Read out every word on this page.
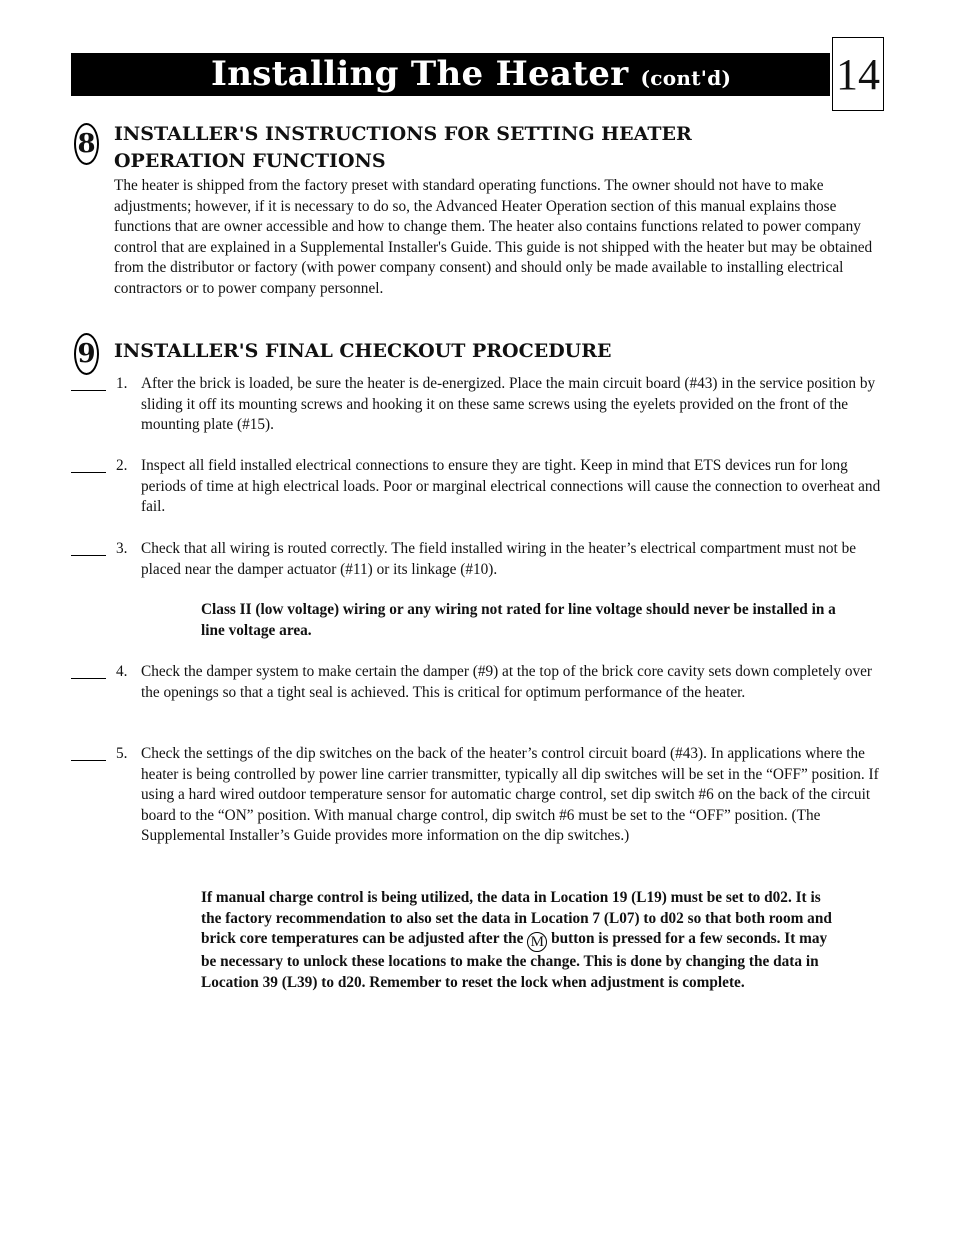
Installing The Heater (cont'd) 14
8 INSTALLER'S INSTRUCTIONS FOR SETTING HEATER
OPERATION FUNCTIONS
The heater is shipped from the factory preset with standard operating functions. The owner should not have to make adjustments; however, if it is necessary to do so, the Advanced Heater Operation section of this manual explains those functions that are owner accessible and how to change them. The heater also contains functions related to power company control that are explained in a Supplemental Installer's Guide. This guide is not shipped with the heater but may be obtained from the distributor or factory (with power company consent) and should only be made available to installing electrical contractors or to power company personnel.
9 INSTALLER'S FINAL CHECKOUT PROCEDURE
1. After the brick is loaded, be sure the heater is de-energized. Place the main circuit board (#43) in the service position by sliding it off its mounting screws and hooking it on these same screws using the eyelets provided on the front of the mounting plate (#15).
2. Inspect all field installed electrical connections to ensure they are tight. Keep in mind that ETS devices run for long periods of time at high electrical loads. Poor or marginal electrical connections will cause the connection to overheat and fail.
3. Check that all wiring is routed correctly. The field installed wiring in the heater’s electrical compartment must not be placed near the damper actuator (#11) or its linkage (#10).
Class II (low voltage) wiring or any wiring not rated for line voltage should never be installed in a line voltage area.
4. Check the damper system to make certain the damper (#9) at the top of the brick core cavity sets down completely over the openings so that a tight seal is achieved. This is critical for optimum performance of the heater.
5. Check the settings of the dip switches on the back of the heater’s control circuit board (#43). In applications where the heater is being controlled by power line carrier transmitter, typically all dip switches will be set in the “OFF” position. If using a hard wired outdoor temperature sensor for automatic charge control, set dip switch #6 on the back of the circuit board to the “ON” position. With manual charge control, dip switch #6 must be set to the “OFF” position. (The Supplemental Installer’s Guide provides more information on the dip switches.)
If manual charge control is being utilized, the data in Location 19 (L19) must be set to d02. It is the factory recommendation to also set the data in Location 7 (L07) to d02 so that both room and brick core temperatures can be adjusted after the M button is pressed for a few seconds. It may be necessary to unlock these locations to make the change. This is done by changing the data in Location 39 (L39) to d20. Remember to reset the lock when adjustment is complete.
